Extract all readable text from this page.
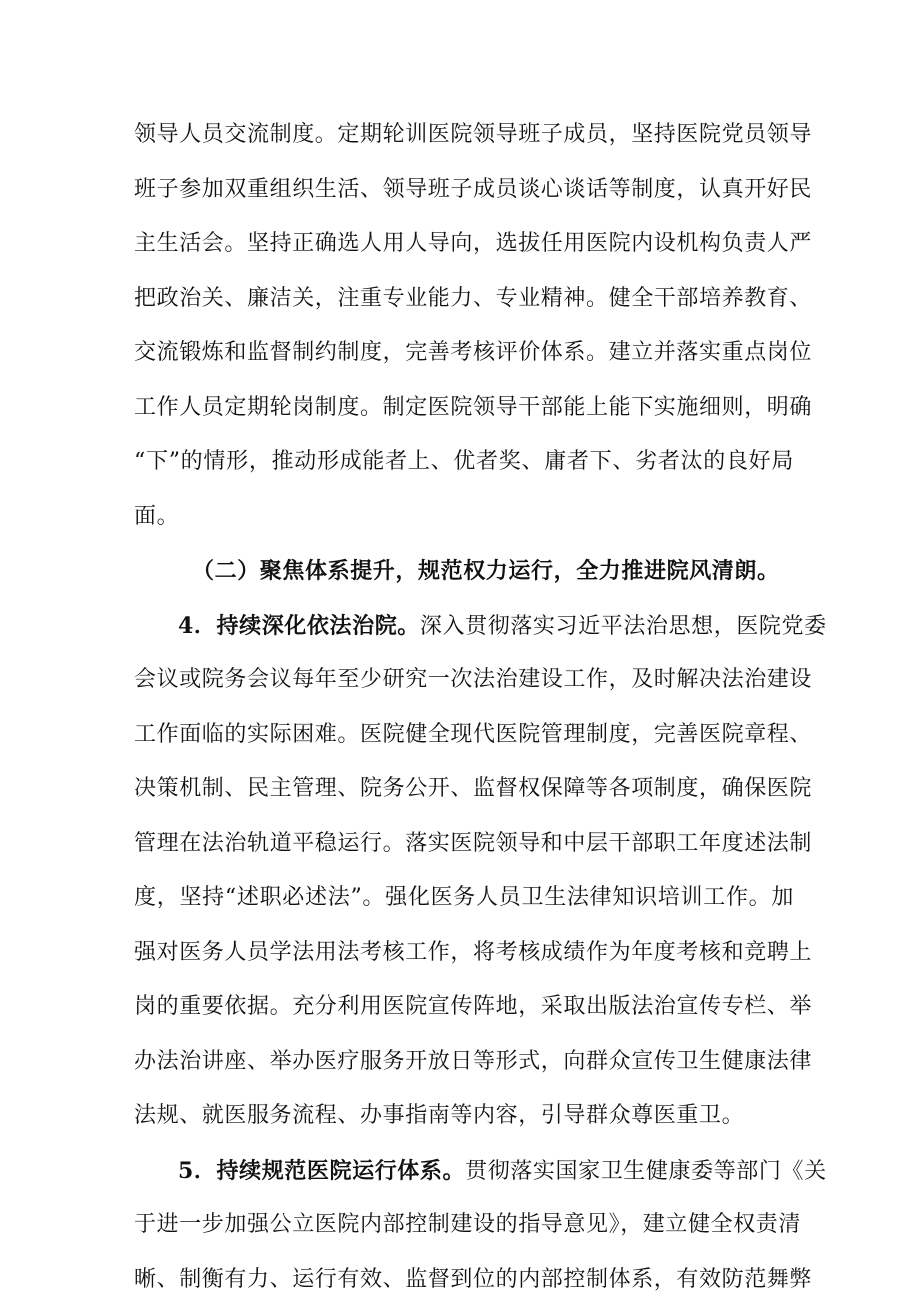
领导人员交流制度。定期轮训医院领导班子成员，坚持医院党员领导
班子参加双重组织生活、领导班子成员谈心谈话等制度，认真开好民
主生活会。坚持正确选人用人导向，选拔任用医院内设机构负责人严
把政治关、廉洁关，注重专业能力、专业精神。健全干部培养教育、
交流锻炼和监督制约制度，完善考核评价体系。建立并落实重点岗位
工作人员定期轮岗制度。制定医院领导干部能上能下实施细则，明确
“下”的情形，推动形成能者上、优者奖、庸者下、劣者汰的良好局
面。
（二）聚焦体系提升，规范权力运行，全力推进院风清朗。
4．持续深化依法治院。深入贯彻落实习近平法治思想，医院党委
会议或院务会议每年至少研究一次法治建设工作，及时解决法治建设
工作面临的实际困难。医院健全现代医院管理制度，完善医院章程、
决策机制、民主管理、院务公开、监督权保障等各项制度，确保医院
管理在法治轨道平稳运行。落实医院领导和中层干部职工年度述法制
度，坚持“述职必述法”。强化医务人员卫生法律知识培训工作。加
强对医务人员学法用法考核工作，将考核成绩作为年度考核和竞聘上
岗的重要依据。充分利用医院宣传阵地，采取出版法治宣传专栏、举
办法治讲座、举办医疗服务开放日等形式，向群众宣传卫生健康法律
法规、就医服务流程、办事指南等内容，引导群众尊医重卫。
5．持续规范医院运行体系。贯彻落实国家卫生健康委等部门《关
于进一步加强公立医院内部控制建设的指导意见》，建立健全权责清
晰、制衡有力、运行有效、监督到位的内部控制体系，有效防范舞弊
